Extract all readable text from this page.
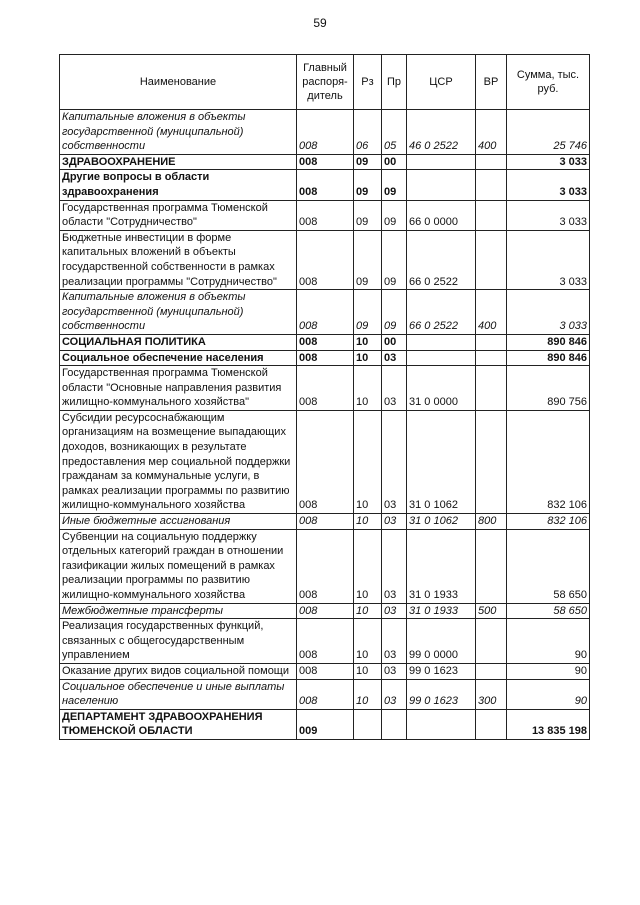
59
Наименование	Главный распоря-дитель	Рз	Пр	ЦСР	ВР	Сумма, тыс. руб.
Капитальные вложения в объекты государственной (муниципальной) собственности	008	06	05	46 0 2522	400	25 746
ЗДРАВООХРАНЕНИЕ	008	09	00			3 033
Другие вопросы в области здравоохранения	008	09	09			3 033
Государственная программа Тюменской области "Сотрудничество"	008	09	09	66 0 0000		3 033
Бюджетные инвестиции в форме капитальных вложений в объекты государственной собственности в рамках реализации программы "Сотрудничество"	008	09	09	66 0 2522		3 033
Капитальные вложения в объекты государственной (муниципальной) собственности	008	09	09	66 0 2522	400	3 033
СОЦИАЛЬНАЯ ПОЛИТИКА	008	10	00			890 846
Социальное обеспечение населения	008	10	03			890 846
Государственная программа Тюменской области "Основные направления развития жилищно-коммунального хозяйства"	008	10	03	31 0 0000		890 756
Субсидии ресурсоснабжающим организациям на возмещение выпадающих доходов, возникающих в результате предоставления мер социальной поддержки гражданам за коммунальные услуги, в рамках реализации программы по развитию жилищно-коммунального хозяйства	008	10	03	31 0 1062		832 106
Иные бюджетные ассигнования	008	10	03	31 0 1062	800	832 106
Субвенции на социальную поддержку отдельных категорий граждан в отношении газификации жилых помещений в рамках реализации программы по развитию жилищно-коммунального хозяйства	008	10	03	31 0 1933		58 650
Межбюджетные трансферты	008	10	03	31 0 1933	500	58 650
Реализация государственных функций, связанных с общегосударственным управлением	008	10	03	99 0 0000		90
Оказание других видов социальной помощи	008	10	03	99 0 1623		90
Социальное обеспечение и иные выплаты населению	008	10	03	99 0 1623	300	90
ДЕПАРТАМЕНТ ЗДРАВООХРАНЕНИЯ ТЮМЕНСКОЙ ОБЛАСТИ	009					13 835 198
